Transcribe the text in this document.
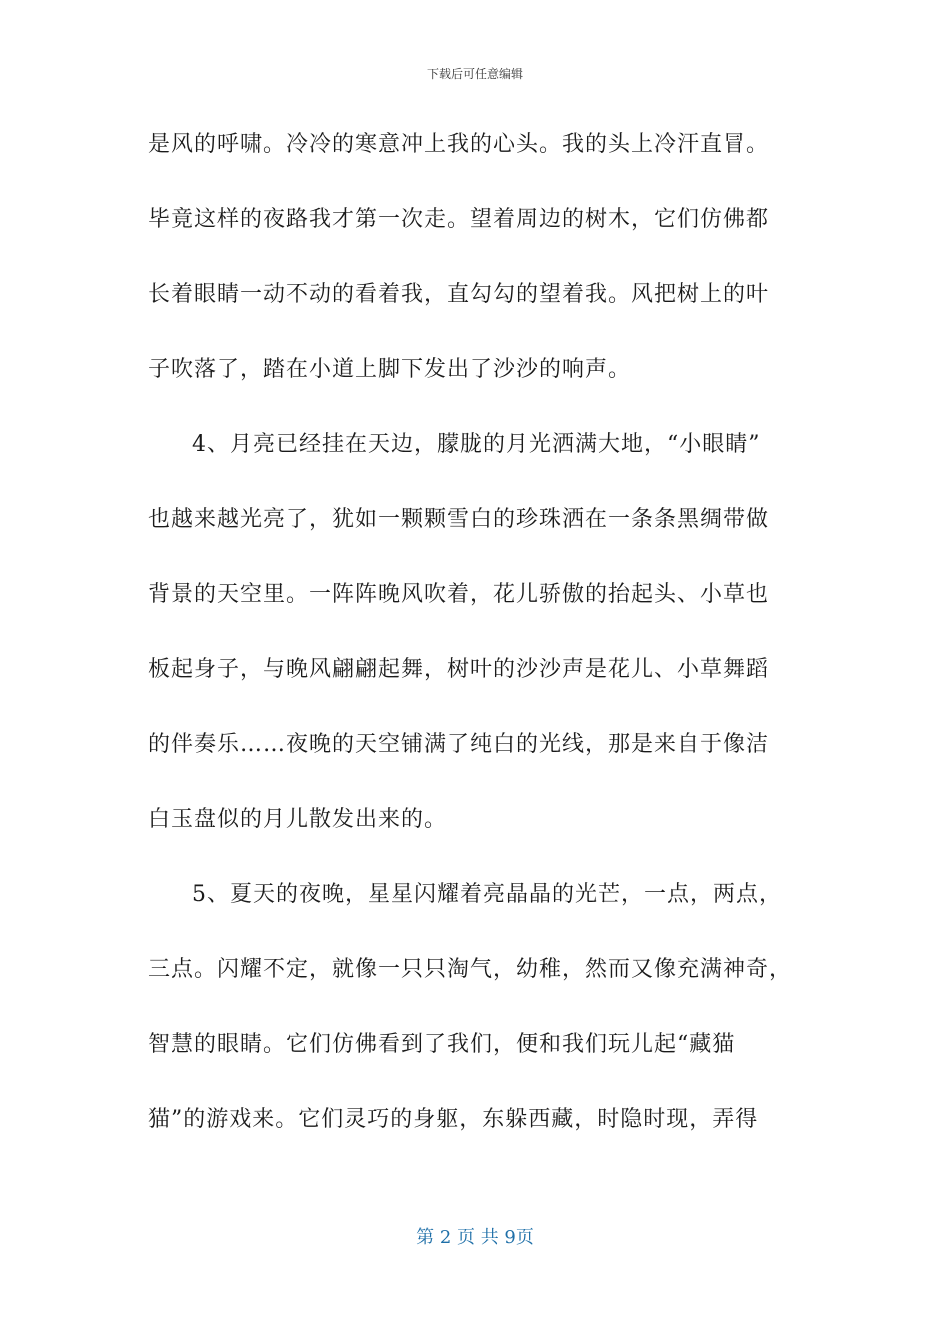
下载后可任意编辑
是风的呼啸。冷冷的寒意冲上我的心头。我的头上冷汗直冒。
毕竟这样的夜路我才第一次走。望着周边的树木，它们仿佛都
长着眼睛一动不动的看着我，直勾勾的望着我。风把树上的叶
子吹落了，踏在小道上脚下发出了沙沙的响声。
4、月亮已经挂在天边，朦胧的月光洒满大地，“小眼睛”
也越来越光亮了，犹如一颗颗雪白的珍珠洒在一条条黑绸带做
背景的天空里。一阵阵晚风吹着，花儿骄傲的抬起头、小草也
板起身子，与晚风翩翩起舞，树叶的沙沙声是花儿、小草舞蹈
的伴奏乐……夜晚的天空铺满了纯白的光线，那是来自于像洁
白玉盘似的月儿散发出来的。
5、夏天的夜晚，星星闪耀着亮晶晶的光芒，一点，两点，
三点。闪耀不定，就像一只只淘气，幼稚，然而又像充满神奇，
智慧的眼睛。它们仿佛看到了我们，便和我们玩儿起“藏猫
猫”的游戏来。它们灵巧的身躯，东躲西藏，时隐时现，弄得
第 2 页 共 9页
